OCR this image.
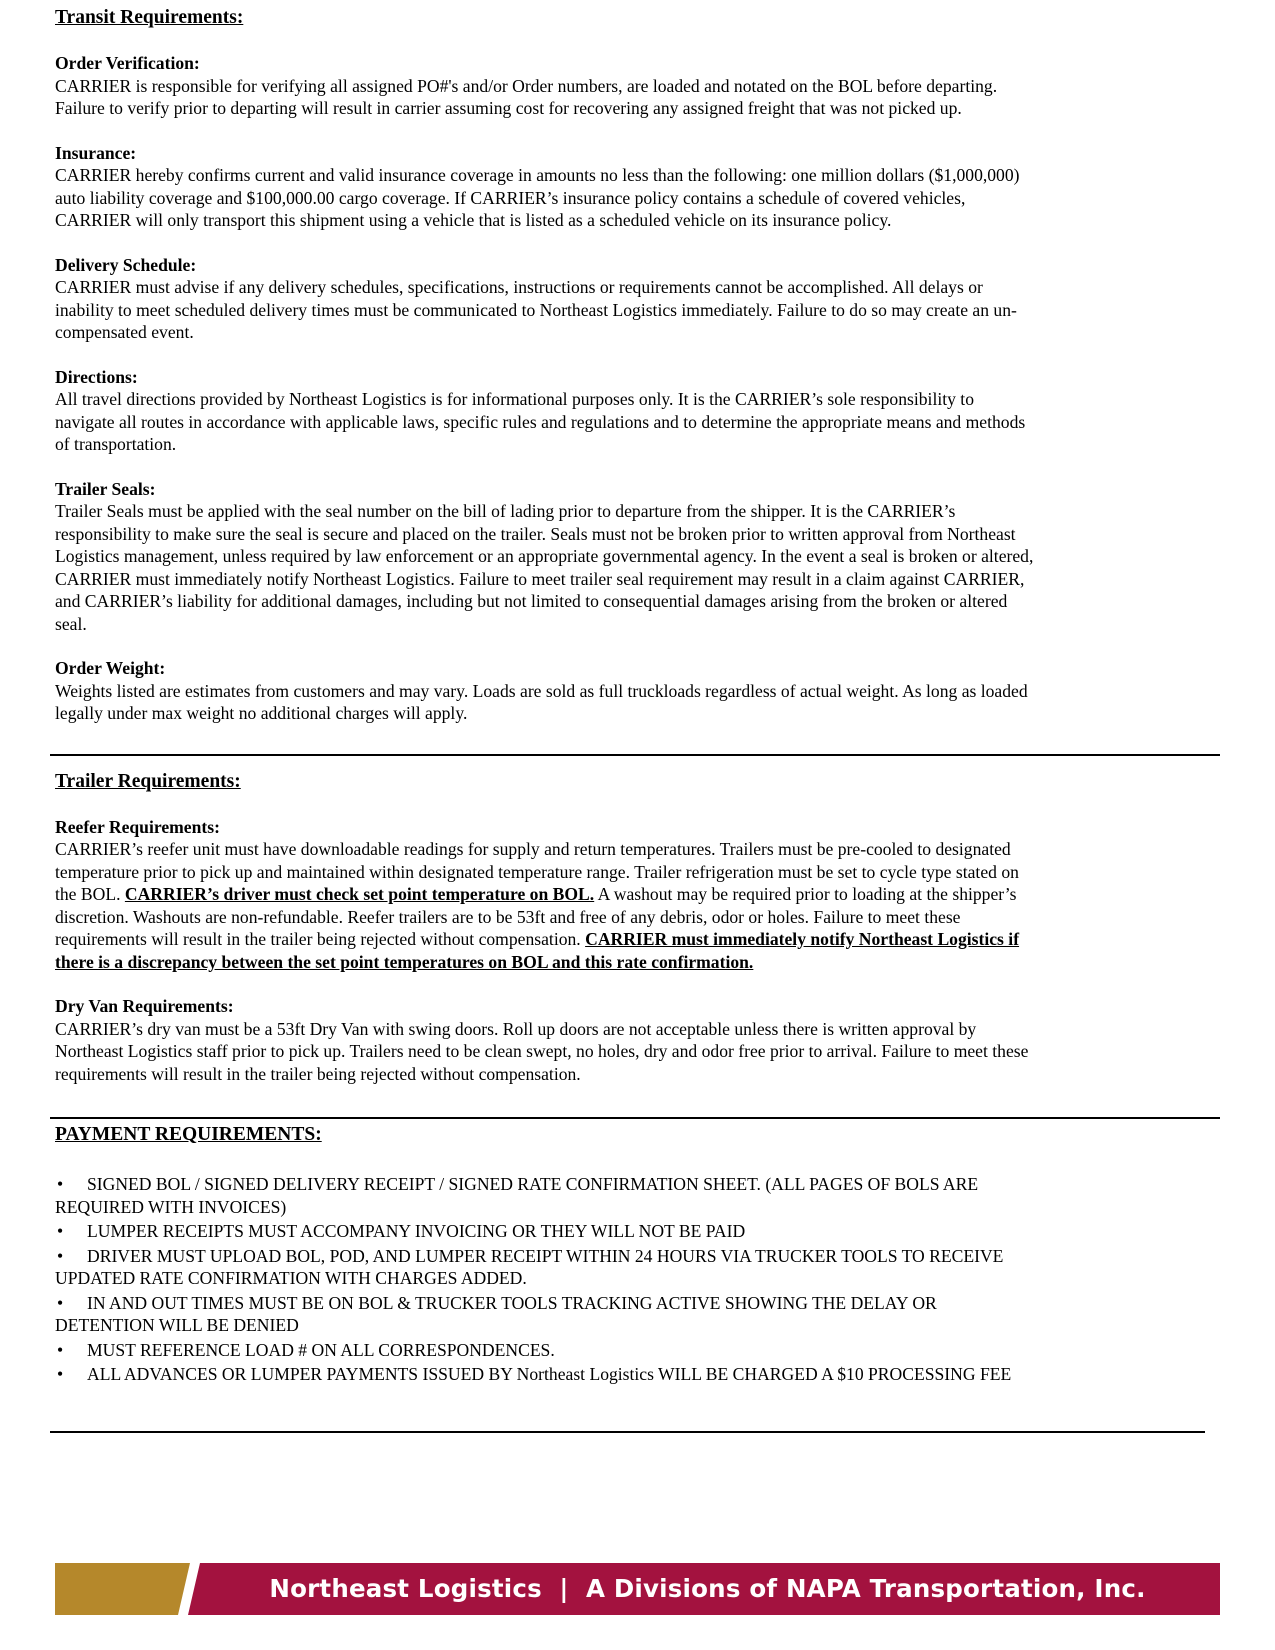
Transit Requirements:
Order Verification:

CARRIER is responsible for verifying all assigned PO#'s and/or Order numbers, are loaded and notated on the BOL before departing.

Failure to verify prior to departing will result in carrier assuming cost for recovering any assigned freight that was not picked up.

Insurance:

CARRIER hereby confirms current and valid insurance coverage in amounts no less than the following: one million dollars ($1,000,000)

auto liability coverage and $100,000.00 cargo coverage. If CARRIER’s insurance policy contains a schedule of covered vehicles,

CARRIER will only transport this shipment using a vehicle that is listed as a scheduled vehicle on its insurance policy.

Delivery Schedule:

CARRIER must advise if any delivery schedules, specifications, instructions or requirements cannot be accomplished. All delays or

inability to meet scheduled delivery times must be communicated to Northeast Logistics immediately. Failure to do so may create an un-

compensated event.

Directions:

All travel directions provided by Northeast Logistics is for informational purposes only. It is the CARRIER’s sole responsibility to

navigate all routes in accordance with applicable laws, specific rules and regulations and to determine the appropriate means and methods

of transportation.

Trailer Seals:

Trailer Seals must be applied with the seal number on the bill of lading prior to departure from the shipper. It is the CARRIER’s

responsibility to make sure the seal is secure and placed on the trailer. Seals must not be broken prior to written approval from Northeast

Logistics management, unless required by law enforcement or an appropriate governmental agency. In the event a seal is broken or altered,

CARRIER must immediately notify Northeast Logistics. Failure to meet trailer seal requirement may result in a claim against CARRIER,

and CARRIER’s liability for additional damages, including but not limited to consequential damages arising from the broken or altered

seal.

Order Weight:

Weights listed are estimates from customers and may vary. Loads are sold as full truckloads regardless of actual weight. As long as loaded

legally under max weight no additional charges will apply.

Trailer Requirements:
Reefer Requirements:

CARRIER’s reefer unit must have downloadable readings for supply and return temperatures. Trailers must be pre-cooled to designated

temperature prior to pick up and maintained within designated temperature range. Trailer refrigeration must be set to cycle type stated on

the BOL. CARRIER’s driver must check set point temperature on BOL. A washout may be required prior to loading at the shipper’s

discretion. Washouts are non-refundable. Reefer trailers are to be 53ft and free of any debris, odor or holes. Failure to meet these

requirements will result in the trailer being rejected without compensation. CARRIER must immediately notify Northeast Logistics if

there is a discrepancy between the set point temperatures on BOL and this rate confirmation.

Dry Van Requirements:

CARRIER’s dry van must be a 53ft Dry Van with swing doors. Roll up doors are not acceptable unless there is written approval by

Northeast Logistics staff prior to pick up. Trailers need to be clean swept, no holes, dry and odor free prior to arrival. Failure to meet these

requirements will result in the trailer being rejected without compensation.

PAYMENT REQUIREMENTS:
• SIGNED BOL / SIGNED DELIVERY RECEIPT / SIGNED RATE CONFIRMATION SHEET. (ALL PAGES OF BOLS ARE
REQUIRED WITH INVOICES)
• LUMPER RECEIPTS MUST ACCOMPANY INVOICING OR THEY WILL NOT BE PAID
• DRIVER MUST UPLOAD BOL, POD, AND LUMPER RECEIPT WITHIN 24 HOURS VIA TRUCKER TOOLS TO RECEIVE
UPDATED RATE CONFIRMATION WITH CHARGES ADDED.
• IN AND OUT TIMES MUST BE ON BOL & TRUCKER TOOLS TRACKING ACTIVE SHOWING THE DELAY OR
DETENTION WILL BE DENIED
• MUST REFERENCE LOAD # ON ALL CORRESPONDENCES.
• ALL ADVANCES OR LUMPER PAYMENTS ISSUED BY Northeast Logistics WILL BE CHARGED A $10 PROCESSING FEE
Northeast Logistics  |  A Divisions of NAPA Transportation, Inc.
